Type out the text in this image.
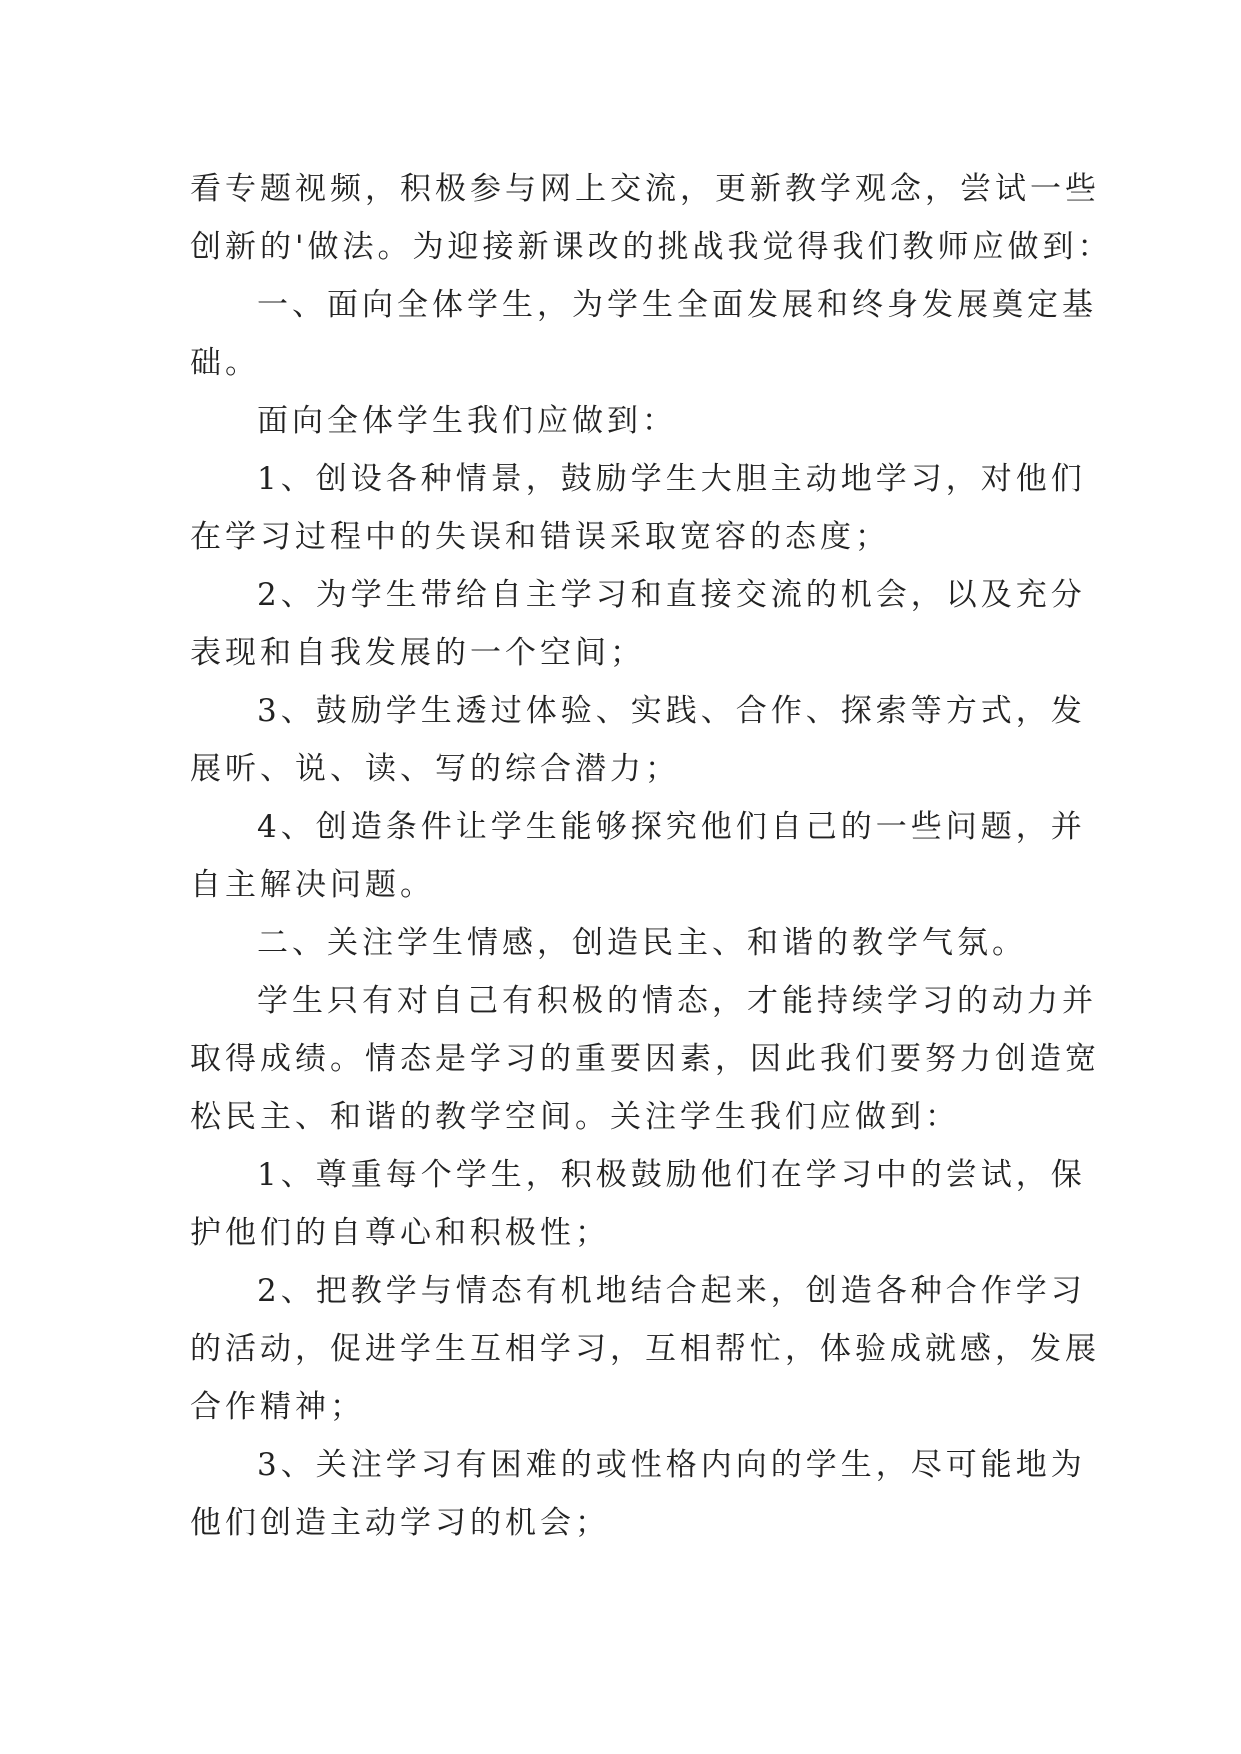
看专题视频，积极参与网上交流，更新教学观念，尝试一些
创新的'做法。为迎接新课改的挑战我觉得我们教师应做到：
一、面向全体学生，为学生全面发展和终身发展奠定基
础。
面向全体学生我们应做到：
1、创设各种情景，鼓励学生大胆主动地学习，对他们
在学习过程中的失误和错误采取宽容的态度；
2、为学生带给自主学习和直接交流的机会，以及充分
表现和自我发展的一个空间；
3、鼓励学生透过体验、实践、合作、探索等方式，发
展听、说、读、写的综合潜力；
4、创造条件让学生能够探究他们自己的一些问题，并
自主解决问题。
二、关注学生情感，创造民主、和谐的教学气氛。
学生只有对自己有积极的情态，才能持续学习的动力并
取得成绩。情态是学习的重要因素，因此我们要努力创造宽
松民主、和谐的教学空间。关注学生我们应做到：
1、尊重每个学生，积极鼓励他们在学习中的尝试，保
护他们的自尊心和积极性；
2、把教学与情态有机地结合起来，创造各种合作学习
的活动，促进学生互相学习，互相帮忙，体验成就感，发展
合作精神；
3、关注学习有困难的或性格内向的学生，尽可能地为
他们创造主动学习的机会；
